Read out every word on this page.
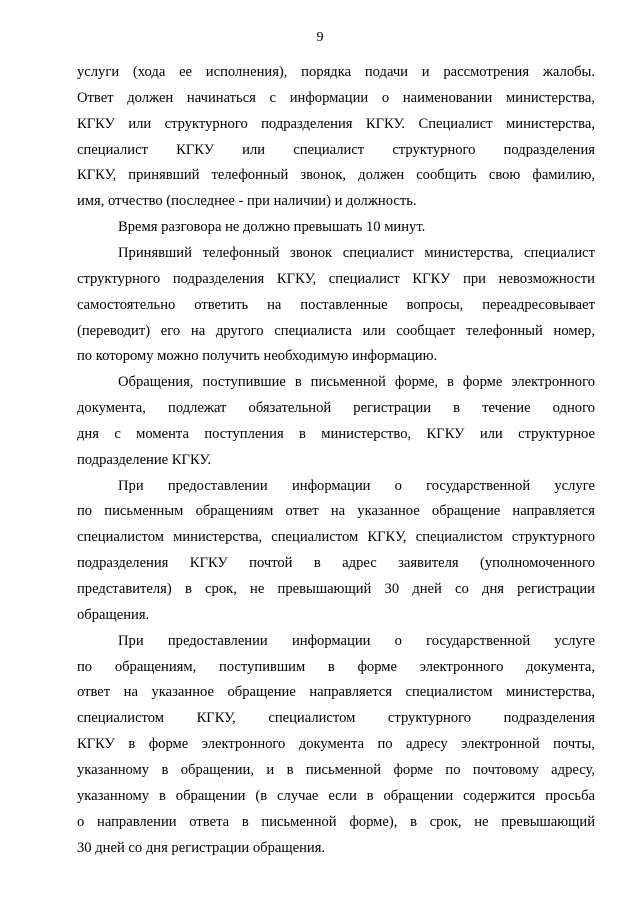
9
услуги (хода ее исполнения), порядка подачи и рассмотрения жалобы.
Ответ должен начинаться с информации о наименовании министерства,
КГКУ или структурного подразделения КГКУ. Специалист министерства,
специалист КГКУ или специалист структурного подразделения
КГКУ, принявший телефонный звонок, должен сообщить свою фамилию,
имя, отчество (последнее - при наличии) и должность.
Время разговора не должно превышать 10 минут.
Принявший телефонный звонок специалист министерства, специалист
структурного подразделения КГКУ, специалист КГКУ при невозможности
самостоятельно ответить на поставленные вопросы, переадресовывает
(переводит) его на другого специалиста или сообщает телефонный номер,
по которому можно получить необходимую информацию.
Обращения, поступившие в письменной форме, в форме электронного
документа, подлежат обязательной регистрации в течение одного
дня с момента поступления в министерство, КГКУ или структурное
подразделение КГКУ.
При предоставлении информации о государственной услуге
по письменным обращениям ответ на указанное обращение направляется
специалистом министерства, специалистом КГКУ, специалистом структурного
подразделения КГКУ почтой в адрес заявителя (уполномоченного
представителя) в срок, не превышающий 30 дней со дня регистрации
обращения.
При предоставлении информации о государственной услуге
по обращениям, поступившим в форме электронного документа,
ответ на указанное обращение направляется специалистом министерства,
специалистом КГКУ, специалистом структурного подразделения
КГКУ в форме электронного документа по адресу электронной почты,
указанному в обращении, и в письменной форме по почтовому адресу,
указанному в обращении (в случае если в обращении содержится просьба
о направлении ответа в письменной форме), в срок, не превышающий
30 дней со дня регистрации обращения.
